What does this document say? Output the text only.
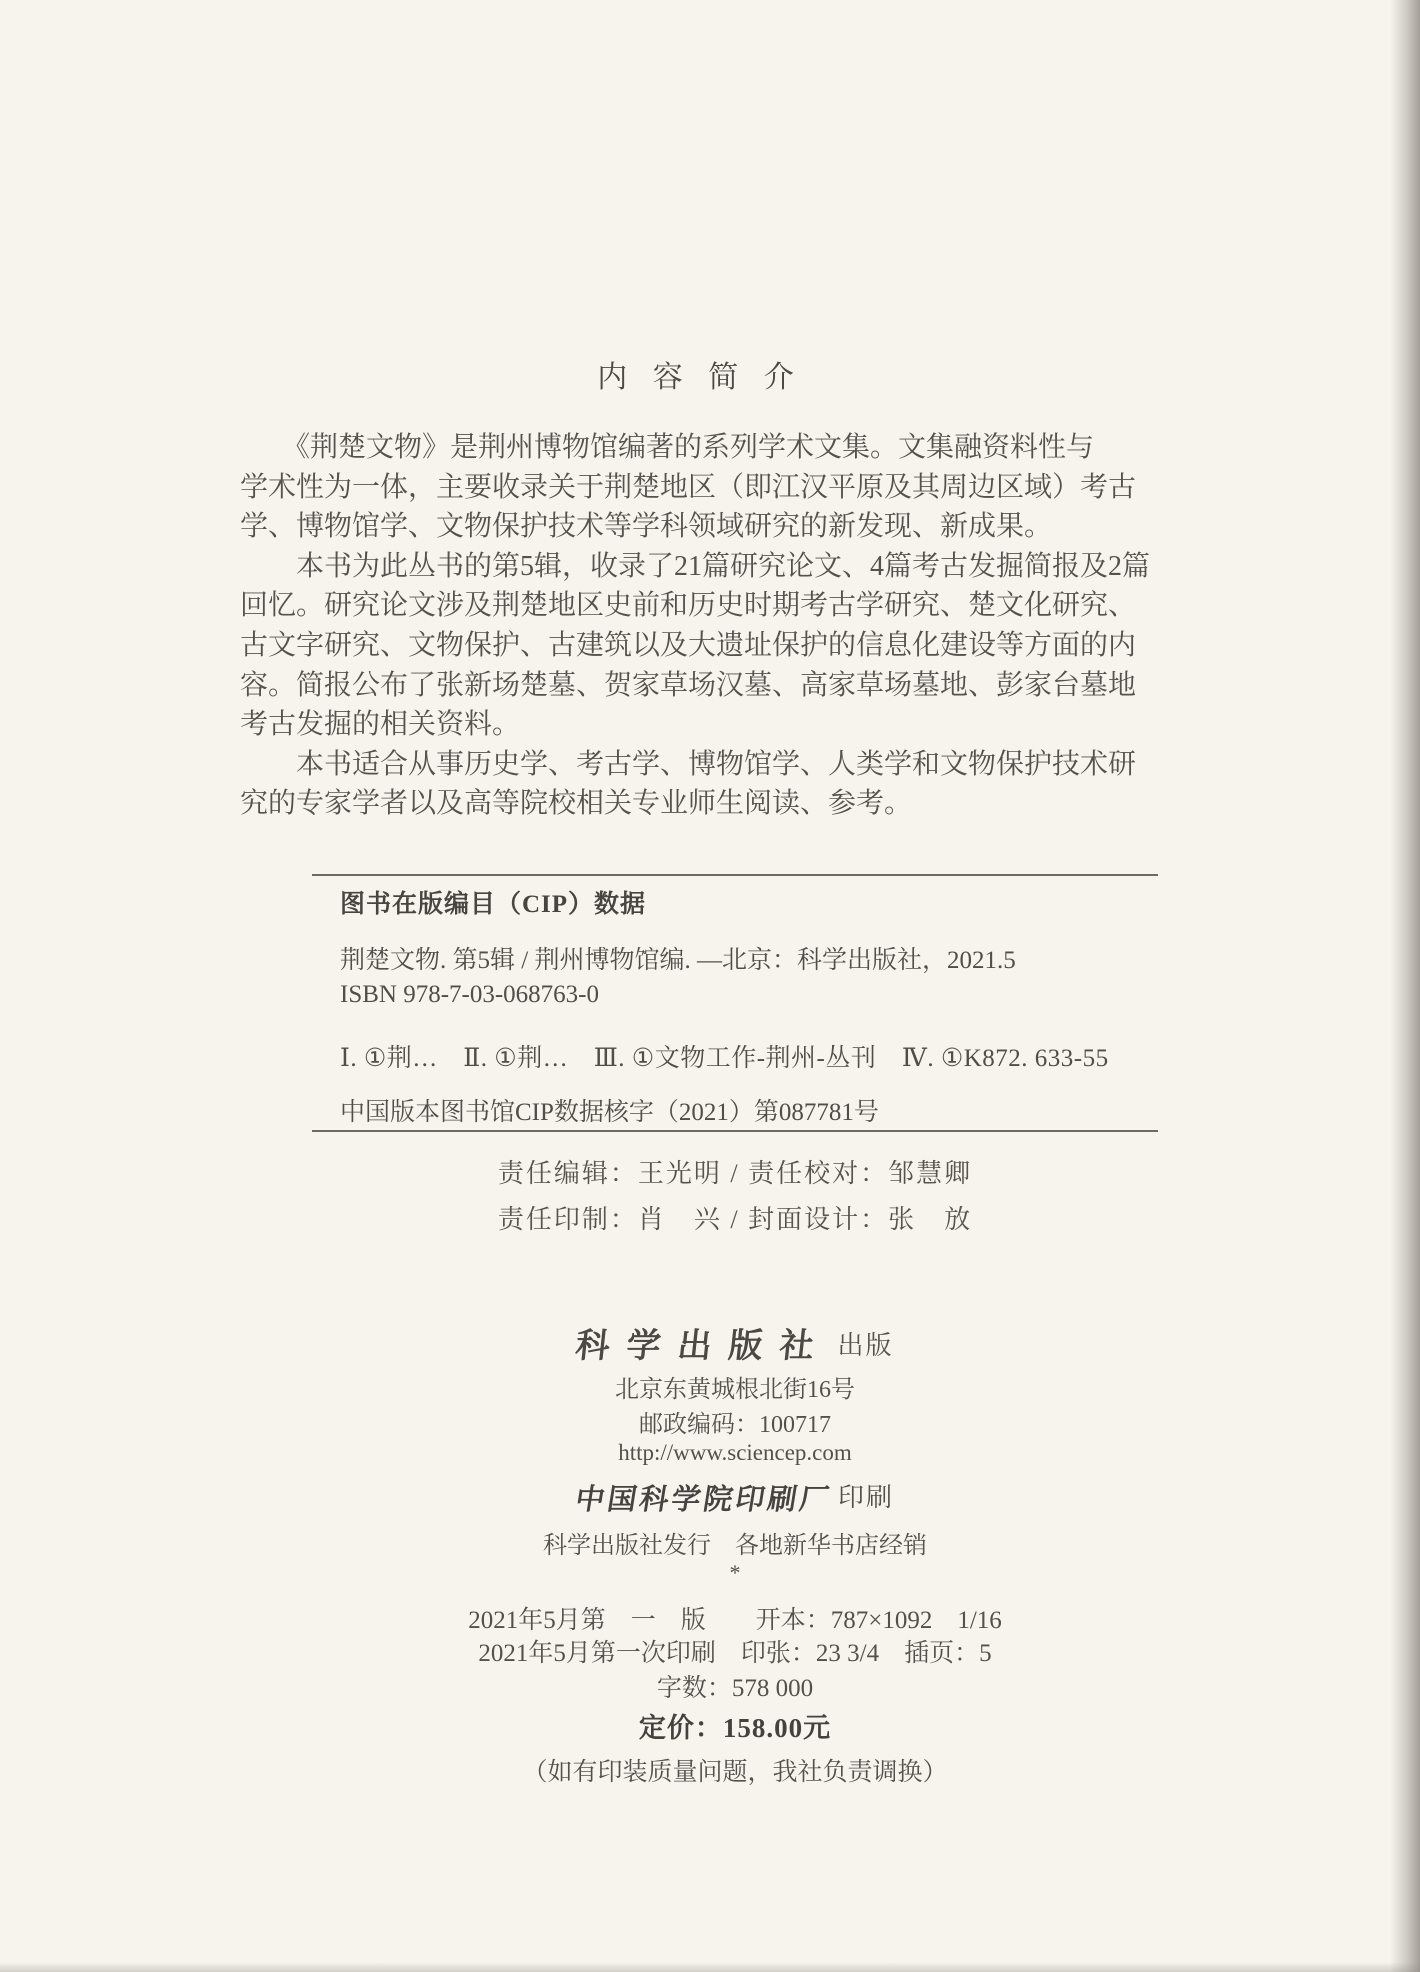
内 容 简 介
　　《荆楚文物》是荆州博物馆编著的系列学术文集。文集融资料性与
学术性为一体，主要收录关于荆楚地区（即江汉平原及其周边区域）考古
学、博物馆学、文物保护技术等学科领域研究的新发现、新成果。
　　本书为此丛书的第5辑，收录了21篇研究论文、4篇考古发掘简报及2篇
回忆。研究论文涉及荆楚地区史前和历史时期考古学研究、楚文化研究、
古文字研究、文物保护、古建筑以及大遗址保护的信息化建设等方面的内
容。简报公布了张新场楚墓、贺家草场汉墓、高家草场墓地、彭家台墓地
考古发掘的相关资料。
　　本书适合从事历史学、考古学、博物馆学、人类学和文物保护技术研
究的专家学者以及高等院校相关专业师生阅读、参考。
图书在版编目（CIP）数据
荆楚文物. 第5辑 / 荆州博物馆编. —北京：科学出版社，2021.5
ISBN 978-7-03-068763-0
Ⅰ. ①荆…　Ⅱ. ①荆…　Ⅲ. ①文物工作-荆州-丛刊　Ⅳ. ①K872. 633-55
中国版本图书馆CIP数据核字（2021）第087781号
责任编辑：王光明 / 责任校对：邹慧卿
责任印制：肖　兴 / 封面设计：张　放
科学出版社 出版
北京东黄城根北街16号
邮政编码：100717
http://www.sciencep.com
中国科学院印刷厂 印刷
科学出版社发行　各地新华书店经销
*
2021年5月第　一　版　　开本：787×1092　1/16
2021年5月第一次印刷　印张：23 3/4　插页：5
字数：578 000
定价：158.00元
（如有印装质量问题，我社负责调换）
